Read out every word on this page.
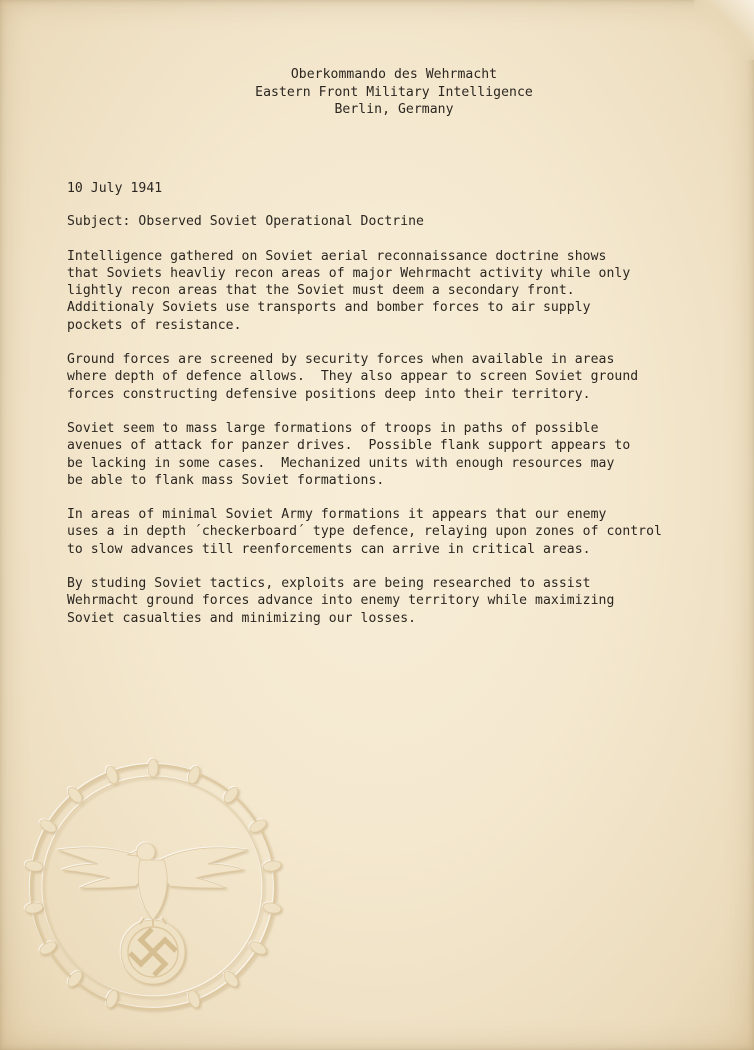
Oberkommando des Wehrmacht
Eastern Front Military Intelligence
Berlin, Germany
10 July 1941
Subject: Observed Soviet Operational Doctrine
Intelligence gathered on Soviet aerial reconnaissance doctrine shows
that Soviets heavliy recon areas of major Wehrmacht activity while only
lightly recon areas that the Soviet must deem a secondary front.
Additionaly Soviets use transports and bomber forces to air supply
pockets of resistance.
Ground forces are screened by security forces when available in areas
where depth of defence allows.  They also appear to screen Soviet ground
forces constructing defensive positions deep into their territory.
Soviet seem to mass large formations of troops in paths of possible
avenues of attack for panzer drives.  Possible flank support appears to
be lacking in some cases.  Mechanized units with enough resources may
be able to flank mass Soviet formations.
In areas of minimal Soviet Army formations it appears that our enemy
uses a in depth ´checkerboard´ type defence, relaying upon zones of control
to slow advances till reenforcements can arrive in critical areas.
By studing Soviet tactics, exploits are being researched to assist
Wehrmacht ground forces advance into enemy territory while maximizing
Soviet casualties and minimizing our losses.
